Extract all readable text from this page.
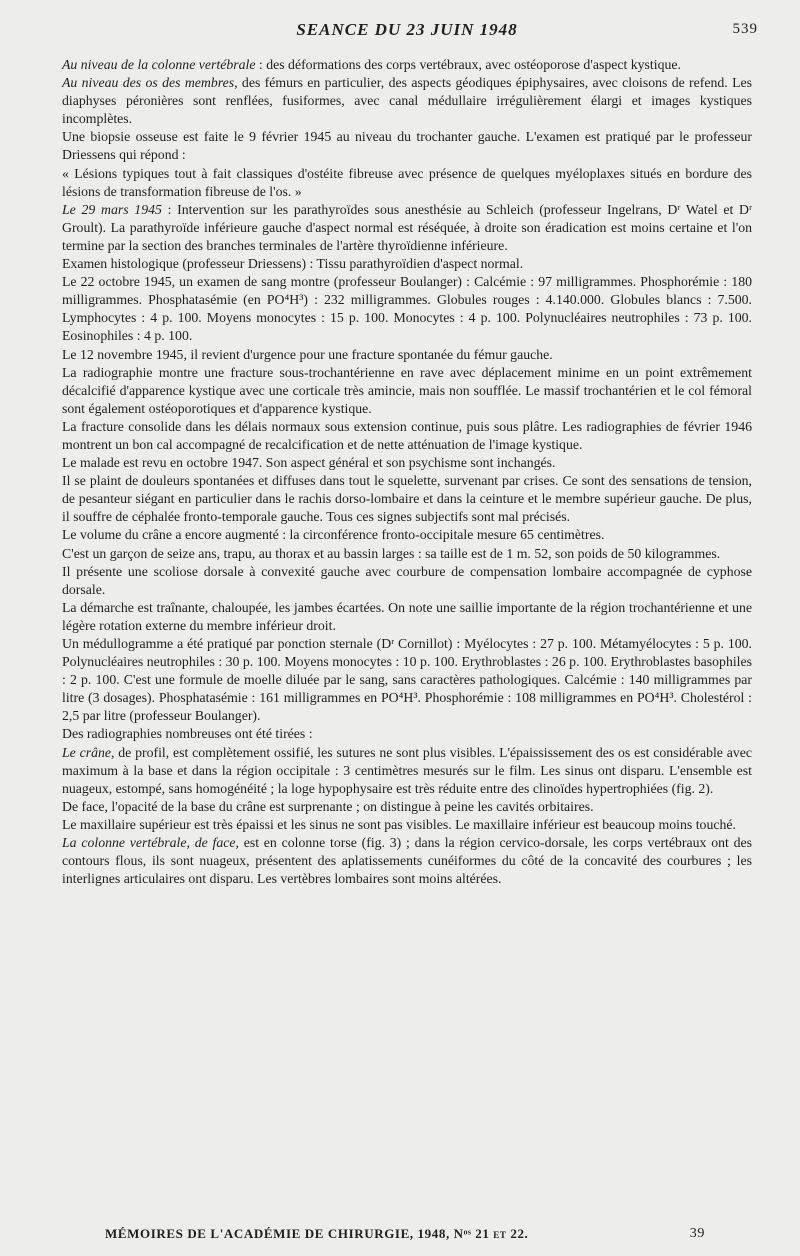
SEANCE DU 23 JUIN 1948	539

Au niveau de la colonne vertébrale : des déformations des corps vertébraux, avec ostéoporose d'aspect kystique.

Au niveau des os des membres, des fémurs en particulier, des aspects géodiques épiphysaires, avec cloisons de refend. Les diaphyses péronières sont renflées, fusiformes, avec canal médullaire irrégulièrement élargi et images kystiques incomplètes.

Une biopsie osseuse est faite le 9 février 1945 au niveau du trochanter gauche. L'examen est pratiqué par le professeur Driessens qui répond :

« Lésions typiques tout à fait classiques d'ostéite fibreuse avec présence de quelques myéloplaxes situés en bordure des lésions de transformation fibreuse de l'os. »

Le 29 mars 1945 : Intervention sur les parathyroïdes sous anesthésie au Schleich (professeur Ingelrans, Dʳ Watel et Dʳ Groult). La parathyroïde inférieure gauche d'aspect normal est réséquée, à droite son éradication est moins certaine et l'on termine par la section des branches terminales de l'artère thyroïdienne inférieure.

Examen histologique (professeur Driessens) : Tissu parathyroïdien d'aspect normal.

Le 22 octobre 1945, un examen de sang montre (professeur Boulanger) : Calcémie : 97 milligrammes. Phosphorémie : 180 milligrammes. Phosphatasémie (en PO⁴H³) : 232 milligrammes. Globules rouges : 4.140.000. Globules blancs : 7.500. Lymphocytes : 4 p. 100. Moyens monocytes : 15 p. 100. Monocytes : 4 p. 100. Polynucléaires neutrophiles : 73 p. 100. Eosinophiles : 4 p. 100.

Le 12 novembre 1945, il revient d'urgence pour une fracture spontanée du fémur gauche.

La radiographie montre une fracture sous-trochantérienne en rave avec déplacement minime en un point extrêmement décalcifié d'apparence kystique avec une corticale très amincie, mais non soufflée. Le massif trochantérien et le col fémoral sont également ostéoporotiques et d'apparence kystique.

La fracture consolide dans les délais normaux sous extension continue, puis sous plâtre. Les radiographies de février 1946 montrent un bon cal accompagné de recalcification et de nette atténuation de l'image kystique.

Le malade est revu en octobre 1947. Son aspect général et son psychisme sont inchangés.

Il se plaint de douleurs spontanées et diffuses dans tout le squelette, survenant par crises. Ce sont des sensations de tension, de pesanteur siégant en particulier dans le rachis dorso-lombaire et dans la ceinture et le membre supérieur gauche. De plus, il souffre de céphalée fronto-temporale gauche. Tous ces signes subjectifs sont mal précisés.

Le volume du crâne a encore augmenté : la circonférence fronto-occipitale mesure 65 centimètres.

C'est un garçon de seize ans, trapu, au thorax et au bassin larges : sa taille est de 1 m. 52, son poids de 50 kilogrammes.

Il présente une scoliose dorsale à convexité gauche avec courbure de compensation lombaire accompagnée de cyphose dorsale.

La démarche est traînante, chaloupée, les jambes écartées. On note une saillie importante de la région trochantérienne et une légère rotation externe du membre inférieur droit.

Un médullogramme a été pratiqué par ponction sternale (Dʳ Cornillot) : Myélocytes : 27 p. 100. Métamyélocytes : 5 p. 100. Polynucléaires neutrophiles : 30 p. 100. Moyens monocytes : 10 p. 100. Erythroblastes : 26 p. 100. Erythroblastes basophiles : 2 p. 100. C'est une formule de moelle diluée par le sang, sans caractères pathologiques. Calcémie : 140 milligrammes par litre (3 dosages). Phosphatasémie : 161 milligrammes en PO⁴H³. Phosphorémie : 108 milligrammes en PO⁴H³. Cholestérol : 2,5 par litre (professeur Boulanger).

Des radiographies nombreuses ont été tirées :

Le crâne, de profil, est complètement ossifié, les sutures ne sont plus visibles. L'épaississement des os est considérable avec maximum à la base et dans la région occipitale : 3 centimètres mesurés sur le film. Les sinus ont disparu. L'ensemble est nuageux, estompé, sans homogénéité ; la loge hypophysaire est très réduite entre des clinoïdes hypertrophiées (fig. 2).

De face, l'opacité de la base du crâne est surprenante ; on distingue à peine les cavités orbitaires.

Le maxillaire supérieur est très épaissi et les sinus ne sont pas visibles. Le maxillaire inférieur est beaucoup moins touché.

La colonne vertébrale, de face, est en colonne torse (fig. 3) ; dans la région cervico-dorsale, les corps vertébraux ont des contours flous, ils sont nuageux, présentent des aplatissements cunéiformes du côté de la concavité des courbures ; les interlignes articulaires ont disparu. Les vertèbres lombaires sont moins altérées.

MÉMOIRES DE L'ACADÉMIE DE CHIRURGIE, 1948, Nᵒˢ 21 et 22.	39
